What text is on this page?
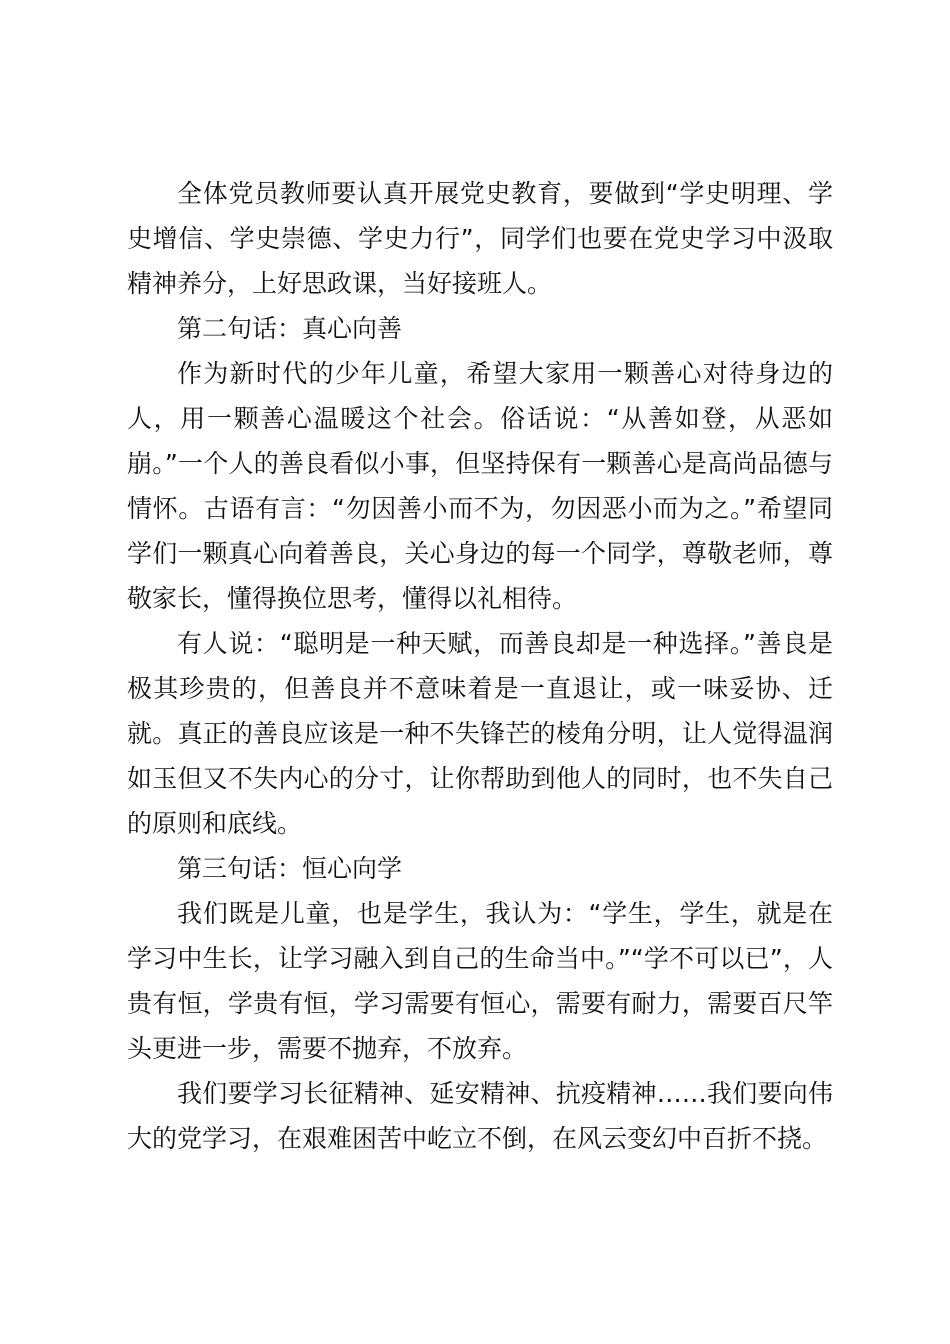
全体党员教师要认真开展党史教育，要做到“学史明理、学史增信、学史崇德、学史力行”，同学们也要在党史学习中汲取精神养分，上好思政课，当好接班人。

第二句话：真心向善

作为新时代的少年儿童，希望大家用一颗善心对待身边的人，用一颗善心温暖这个社会。俗话说：“从善如登，从恶如崩。”一个人的善良看似小事，但坚持保有一颗善心是高尚品德与情怀。古语有言：“勿因善小而不为，勿因恶小而为之。”希望同学们一颗真心向着善良，关心身边的每一个同学，尊敬老师，尊敬家长，懂得换位思考，懂得以礼相待。

有人说：“聪明是一种天赋，而善良却是一种选择。”善良是极其珍贵的，但善良并不意味着是一直退让，或一味妥协、迁就。真正的善良应该是一种不失锋芒的棱角分明，让人觉得温润如玉但又不失内心的分寸，让你帮助到他人的同时，也不失自己的原则和底线。

第三句话：恒心向学

我们既是儿童，也是学生，我认为：“学生，学生，就是在学习中生长，让学习融入到自己的生命当中。”“学不可以已”，人贵有恒，学贵有恒，学习需要有恒心，需要有耐力，需要百尺竿头更进一步，需要不抛弃，不放弃。

我们要学习长征精神、延安精神、抗疫精神……我们要向伟大的党学习，在艰难困苦中屹立不倒，在风云变幻中百折不挠。
